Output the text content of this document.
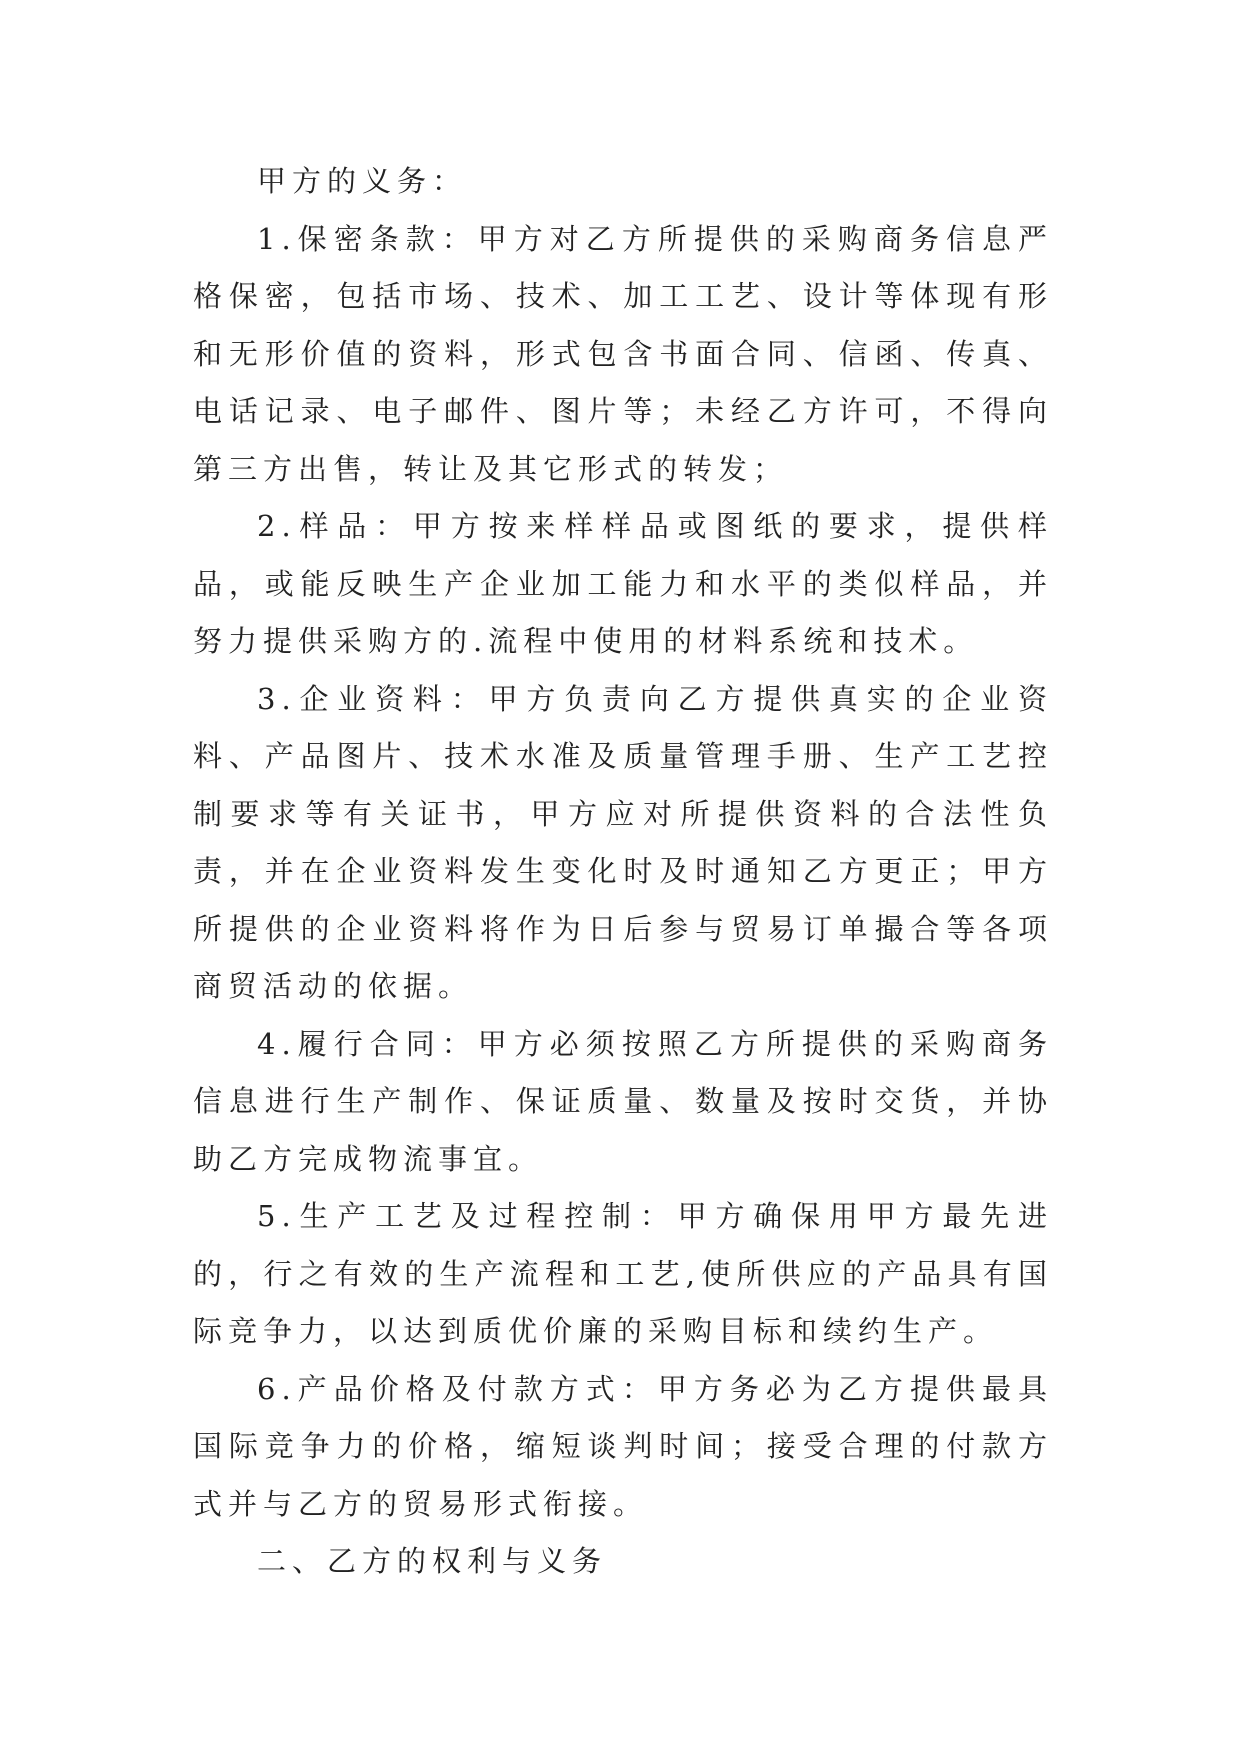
甲方的义务：

1.保密条款：甲方对乙方所提供的采购商务信息严格保密，包括市场、技术、加工工艺、设计等体现有形和无形价值的资料，形式包含书面合同、信函、传真、电话记录、电子邮件、图片等；未经乙方许可，不得向第三方出售，转让及其它形式的转发；

2.样品：甲方按来样样品或图纸的要求，提供样品，或能反映生产企业加工能力和水平的类似样品，并努力提供采购方的.流程中使用的材料系统和技术。

3.企业资料：甲方负责向乙方提供真实的企业资料、产品图片、技术水准及质量管理手册、生产工艺控制要求等有关证书，甲方应对所提供资料的合法性负责，并在企业资料发生变化时及时通知乙方更正；甲方所提供的企业资料将作为日后参与贸易订单撮合等各项商贸活动的依据。

4.履行合同：甲方必须按照乙方所提供的采购商务信息进行生产制作、保证质量、数量及按时交货，并协助乙方完成物流事宜。

5.生产工艺及过程控制：甲方确保用甲方最先进的，行之有效的生产流程和工艺,使所供应的产品具有国际竞争力，以达到质优价廉的采购目标和续约生产。

6.产品价格及付款方式：甲方务必为乙方提供最具国际竞争力的价格，缩短谈判时间；接受合理的付款方式并与乙方的贸易形式衔接。

二、乙方的权利与义务
